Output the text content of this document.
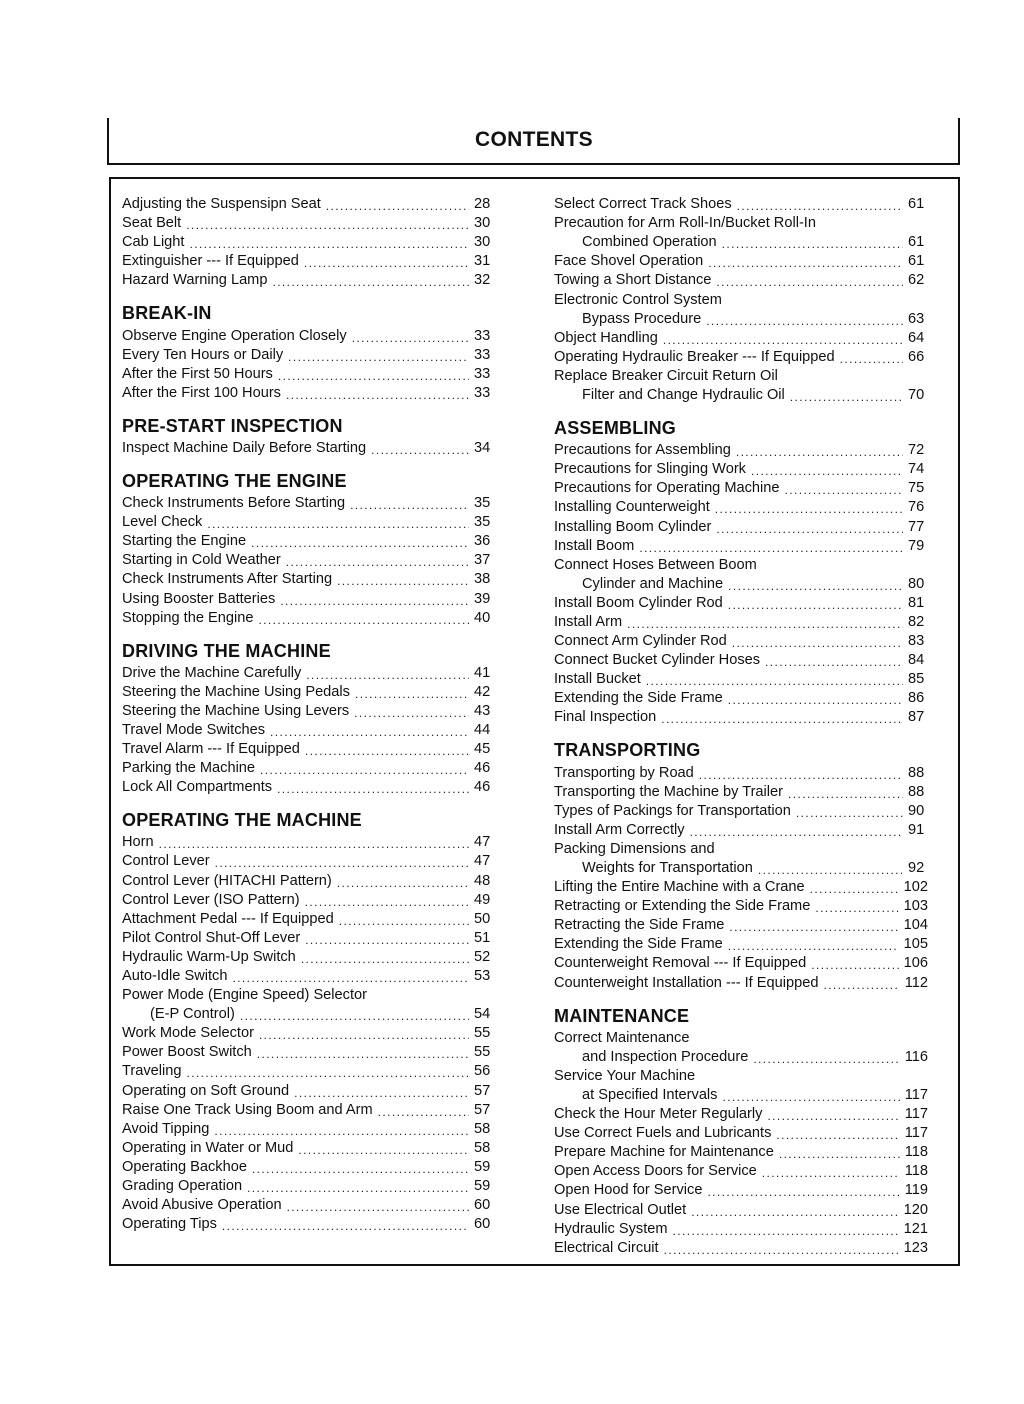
CONTENTS
Adjusting the Suspensipn Seat .....	28
Seat Belt .....	30
Cab Light .....	30
Extinguisher --- If Equipped .....	31
Hazard Warning Lamp .....	32
BREAK-IN
Observe Engine Operation Closely .....	33
Every Ten Hours or Daily .....	33
After the First 50 Hours .....	33
After the First 100 Hours .....	33
PRE-START INSPECTION
Inspect Machine Daily Before Starting .....	34
OPERATING THE ENGINE
Check Instruments Before Starting .....	35
Level Check .....	35
Starting the Engine .....	36
Starting in Cold Weather .....	37
Check Instruments After Starting .....	38
Using Booster Batteries .....	39
Stopping the Engine .....	40
DRIVING THE MACHINE
Drive the Machine Carefully .....	41
Steering the Machine Using Pedals .....	42
Steering the Machine Using Levers .....	43
Travel Mode Switches .....	44
Travel Alarm --- If Equipped .....	45
Parking the Machine .....	46
Lock All Compartments .....	46
OPERATING THE MACHINE
Horn .....	47
Control Lever .....	47
Control Lever (HITACHI Pattern) .....	48
Control Lever (ISO Pattern) .....	49
Attachment Pedal --- If Equipped .....	50
Pilot Control Shut-Off Lever .....	51
Hydraulic Warm-Up Switch .....	52
Auto-Idle Switch .....	53
Power Mode (Engine Speed) Selector
(E-P Control) .....	54
Work Mode Selector .....	55
Power Boost Switch .....	55
Traveling .....	56
Operating on Soft Ground .....	57
Raise One Track Using Boom and Arm .....	57
Avoid Tipping .....	58
Operating in Water or Mud .....	58
Operating Backhoe .....	59
Grading Operation .....	59
Avoid Abusive Operation .....	60
Operating Tips .....	60
Select Correct Track Shoes .....	61
Precaution for Arm Roll-In/Bucket Roll-In
Combined Operation .....	61
Face Shovel Operation .....	61
Towing a Short Distance .....	62
Electronic Control System
Bypass Procedure .....	63
Object Handling .....	64
Operating Hydraulic Breaker --- If Equipped .....	66
Replace Breaker Circuit Return Oil
Filter and Change Hydraulic Oil .....	70
ASSEMBLING
Precautions for Assembling .....	72
Precautions for Slinging Work .....	74
Precautions for Operating Machine .....	75
Installing Counterweight .....	76
Installing Boom Cylinder .....	77
Install Boom .....	79
Connect Hoses Between Boom
Cylinder and Machine .....	80
Install Boom Cylinder Rod .....	81
Install Arm .....	82
Connect Arm Cylinder Rod .....	83
Connect Bucket Cylinder Hoses .....	84
Install Bucket .....	85
Extending the Side Frame .....	86
Final Inspection .....	87
TRANSPORTING
Transporting by Road .....	88
Transporting the Machine by Trailer .....	88
Types of Packings for Transportation .....	90
Install Arm Correctly .....	91
Packing Dimensions and
Weights for Transportation .....	92
Lifting the Entire Machine with a Crane .....	102
Retracting or Extending the Side Frame .....	103
Retracting the Side Frame .....	104
Extending the Side Frame .....	105
Counterweight Removal --- If Equipped .....	106
Counterweight Installation --- If Equipped .....	112
MAINTENANCE
Correct Maintenance
and Inspection Procedure .....	116
Service Your Machine
at Specified Intervals .....	117
Check the Hour Meter Regularly .....	117
Use Correct Fuels and Lubricants .....	117
Prepare Machine for Maintenance .....	118
Open Access Doors for Service .....	118
Open Hood for Service .....	119
Use Electrical Outlet .....	120
Hydraulic System .....	121
Electrical Circuit .....	123
